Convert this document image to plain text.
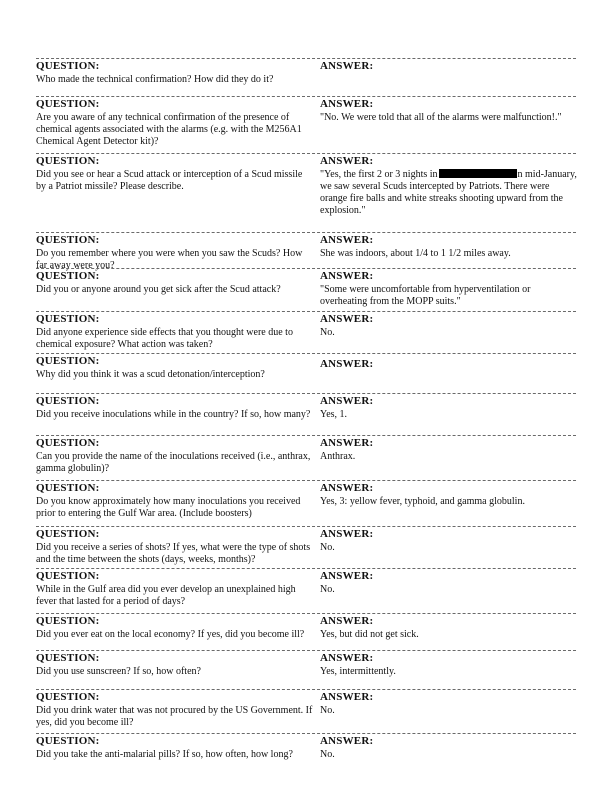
QUESTION:
Who made the technical confirmation? How did they do it?
ANSWER:
QUESTION:
Are you aware of any technical confirmation of the presence of chemical agents associated with the alarms (e.g. with the M256A1 Chemical Agent Detector kit)?
ANSWER:
"No. We were told that all of the alarms were malfunction!."
QUESTION:
Did you see or hear a Scud attack or interception of a Scud missile by a Patriot missile? Please describe.
ANSWER:
"Yes, the first 2 or 3 nights in	n mid-January, we saw several Scuds intercepted by Patriots. There were orange fire balls and white streaks shooting upward from the explosion."
QUESTION:
Do you remember where you were when you saw the Scuds? How far away were you?
ANSWER:
She was indoors, about 1/4 to 1 1/2 miles away.
QUESTION:
Did you or anyone around you get sick after the Scud attack?
ANSWER:
"Some were uncomfortable from hyperventilation or overheating from the MOPP suits."
QUESTION:
Did anyone experience side effects that you thought were due to chemical exposure? What action was taken?
ANSWER:
No.
QUESTION:
Why did you think it was a scud detonation/interception?
ANSWER:
QUESTION:
Did you receive inoculations while in the country? If so, how many?
ANSWER:
Yes, 1.
QUESTION:
Can you provide the name of the inoculations received (i.e., anthrax, gamma globulin)?
ANSWER:
Anthrax.
QUESTION:
Do you know approximately how many inoculations you received prior to entering the Gulf War area. (Include boosters)
ANSWER:
Yes, 3: yellow fever, typhoid, and gamma globulin.
QUESTION:
Did you receive a series of shots? If yes, what were the type of shots and the time between the shots (days, weeks, months)?
ANSWER:
No.
QUESTION:
While in the Gulf area did you ever develop an unexplained high fever that lasted for a period of days?
ANSWER:
No.
QUESTION:
Did you ever eat on the local economy? If yes, did you become ill?
ANSWER:
Yes, but did not get sick.
QUESTION:
Did you use sunscreen? If so, how often?
ANSWER:
Yes, intermittently.
QUESTION:
Did you drink water that was not procured by the US Government. If yes, did you become ill?
ANSWER:
No.
QUESTION:
Did you take the anti-malarial pills? If so, how often, how long?
ANSWER:
No.
